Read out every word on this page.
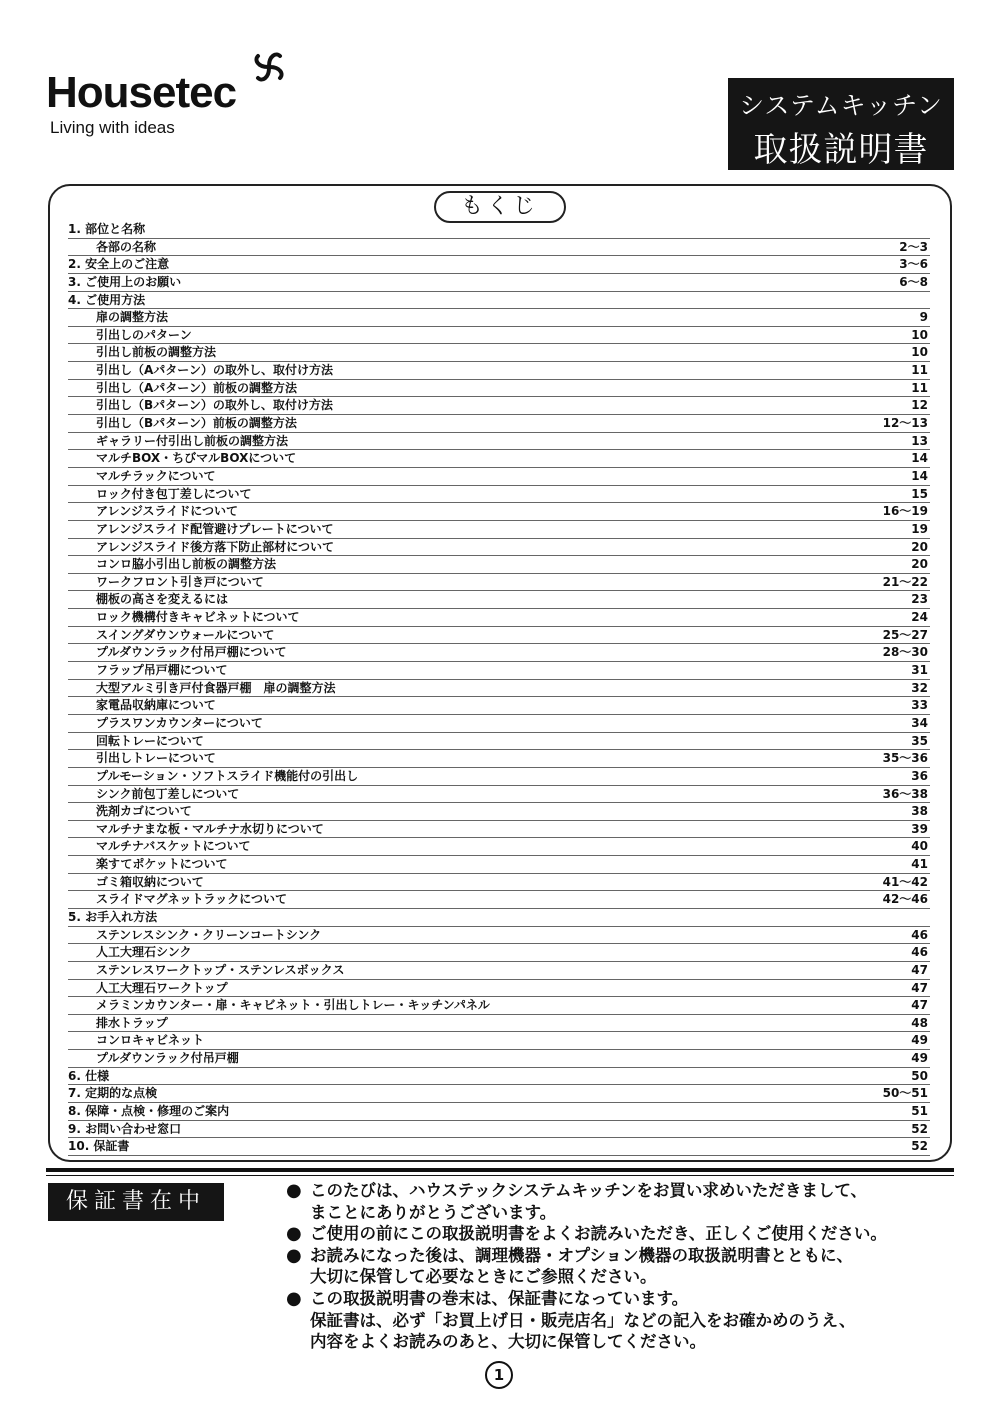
Housetec
Living with ideas
システムキッチン
取扱説明書
もくじ
1. 部位と名称
各部の名称	2～3
2. 安全上のご注意	3～6
3. ご使用上のお願い	6～8
4. ご使用方法
扉の調整方法	9
引出しのパターン	10
引出し前板の調整方法	10
引出し（Aパターン）の取外し、取付け方法	11
引出し（Aパターン）前板の調整方法	11
引出し（Bパターン）の取外し、取付け方法	12
引出し（Bパターン）前板の調整方法	12～13
ギャラリー付引出し前板の調整方法	13
マルチBOX・ちびマルBOXについて	14
マルチラックについて	14
ロック付き包丁差しについて	15
アレンジスライドについて	16～19
アレンジスライド配管避けプレートについて	19
アレンジスライド後方落下防止部材について	20
コンロ脇小引出し前板の調整方法	20
ワークフロント引き戸について	21～22
棚板の高さを変えるには	23
ロック機構付きキャビネットについて	24
スイングダウンウォールについて	25～27
プルダウンラック付吊戸棚について	28～30
フラップ吊戸棚について	31
大型アルミ引き戸付食器戸棚　扉の調整方法	32
家電品収納庫について	33
プラスワンカウンターについて	34
回転トレーについて	35
引出しトレーについて	35～36
プルモーション・ソフトスライド機能付の引出し	36
シンク前包丁差しについて	36～38
洗剤カゴについて	38
マルチナまな板・マルチナ水切りについて	39
マルチナバスケットについて	40
楽すてポケットについて	41
ゴミ箱収納について	41～42
スライドマグネットラックについて	42～46
5. お手入れ方法
ステンレスシンク・クリーンコートシンク	46
人工大理石シンク	46
ステンレスワークトップ・ステンレスボックス	47
人工大理石ワークトップ	47
メラミンカウンター・扉・キャビネット・引出しトレー・キッチンパネル	47
排水トラップ	48
コンロキャビネット	49
プルダウンラック付吊戸棚	49
6. 仕様	50
7. 定期的な点検	50～51
8. 保障・点検・修理のご案内	51
9. お問い合わせ窓口	52
10. 保証書	52
保証書在中	● このたびは、ハウステックシステムキッチンをお買い求めいただきまして、
まことにありがとうございます。
● ご使用の前にこの取扱説明書をよくお読みいただき、正しくご使用ください。
● お読みになった後は、調理機器・オプション機器の取扱説明書とともに、
大切に保管して必要なときにご参照ください。
● この取扱説明書の巻末は、保証書になっています。
保証書は、必ず「お買上げ日・販売店名」などの記入をお確かめのうえ、
内容をよくお読みのあと、大切に保管してください。
1
